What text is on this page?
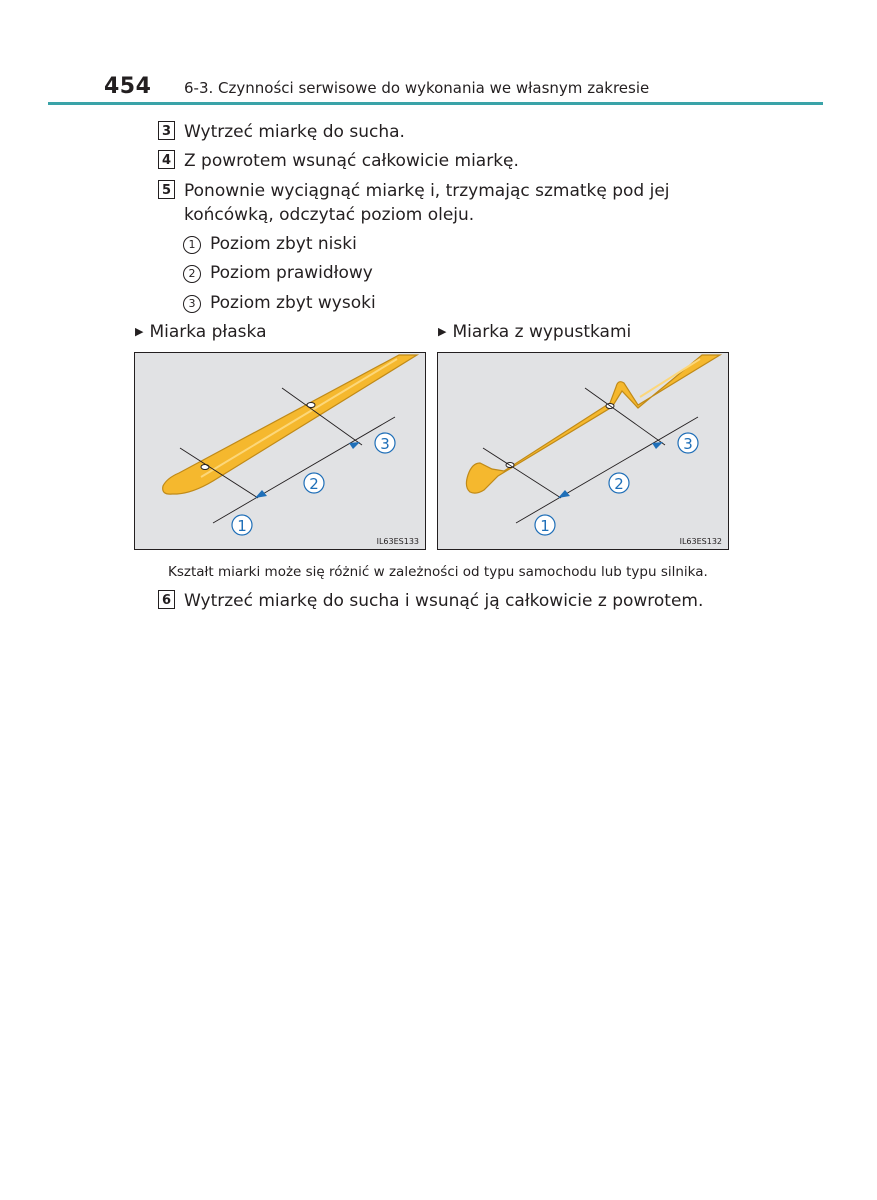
454 6-3. Czynności serwisowe do wykonania we własnym zakresie
3 Wytrzeć miarkę do sucha.
4 Z powrotem wsunąć całkowicie miarkę.
5 Ponownie wyciągnąć miarkę i, trzymając szmatkę pod jej końcówką, odczytać poziom oleju.
1 Poziom zbyt niski
2 Poziom prawidłowy
3 Poziom zbyt wysoki
▶ Miarka płaska	▶ Miarka z wypustkami
1
2
3
IL63ES133
1
2
3
IL63ES132
Kształt miarki może się różnić w zależności od typu samochodu lub typu silnika.
6 Wytrzeć miarkę do sucha i wsunąć ją całkowicie z powrotem.
